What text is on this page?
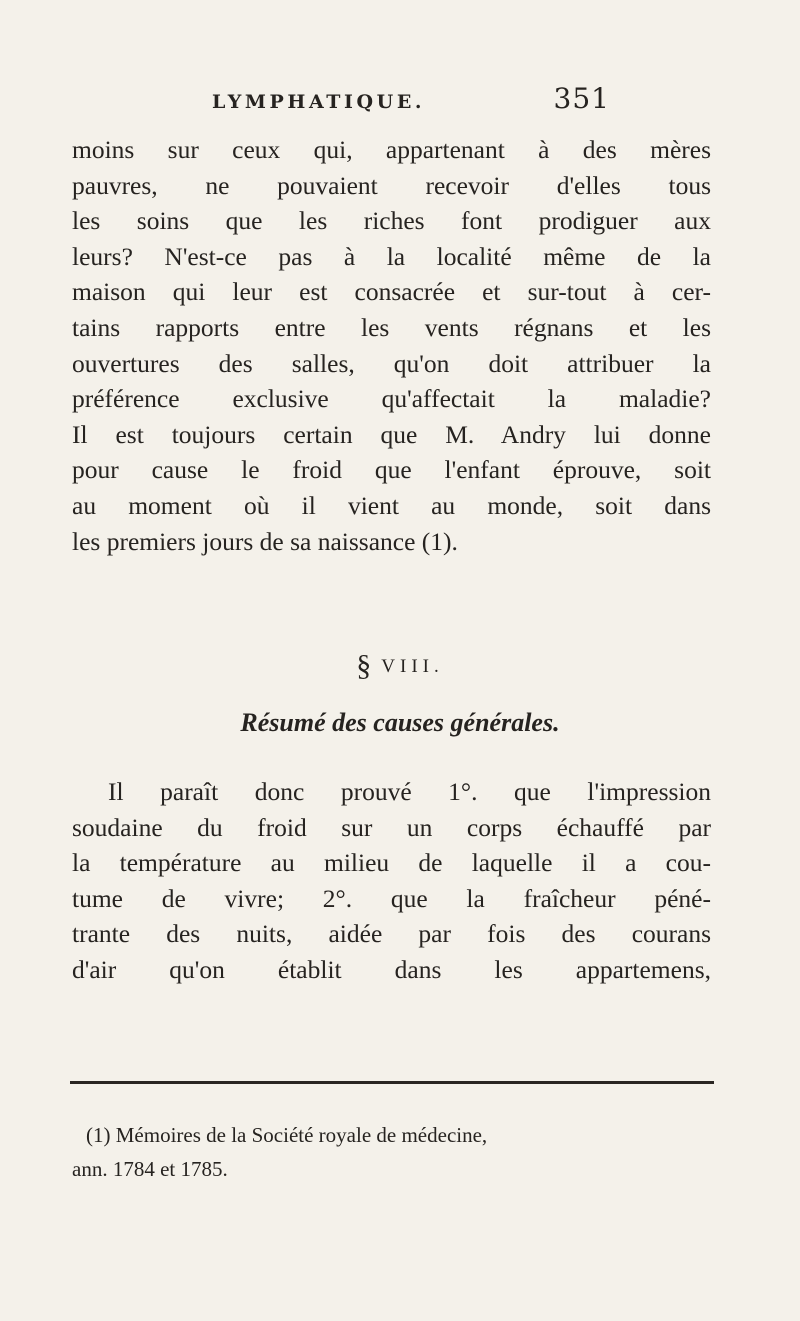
LYMPHATIQUE.	351

moins sur ceux qui, appartenant à des mères
pauvres, ne pouvaient recevoir d'elles tous
les soins que les riches font prodiguer aux
leurs? N'est-ce pas à la localité même de la
maison qui leur est consacrée et sur-tout à cer-
tains rapports entre les vents régnans et les
ouvertures des salles, qu'on doit attribuer la
préférence exclusive qu'affectait la maladie?
Il est toujours certain que M. Andry lui donne
pour cause le froid que l'enfant éprouve, soit
au moment où il vient au monde, soit dans
les premiers jours de sa naissance (1).

§ VIII.
Résumé des causes générales.

Il paraît donc prouvé 1°. que l'impression
soudaine du froid sur un corps échauffé par
la température au milieu de laquelle il a cou-
tume de vivre; 2°. que la fraîcheur péné-
trante des nuits, aidée par fois des courans
d'air qu'on établit dans les appartemens,

(1) Mémoires de la Société royale de médecine,
ann. 1784 et 1785.
